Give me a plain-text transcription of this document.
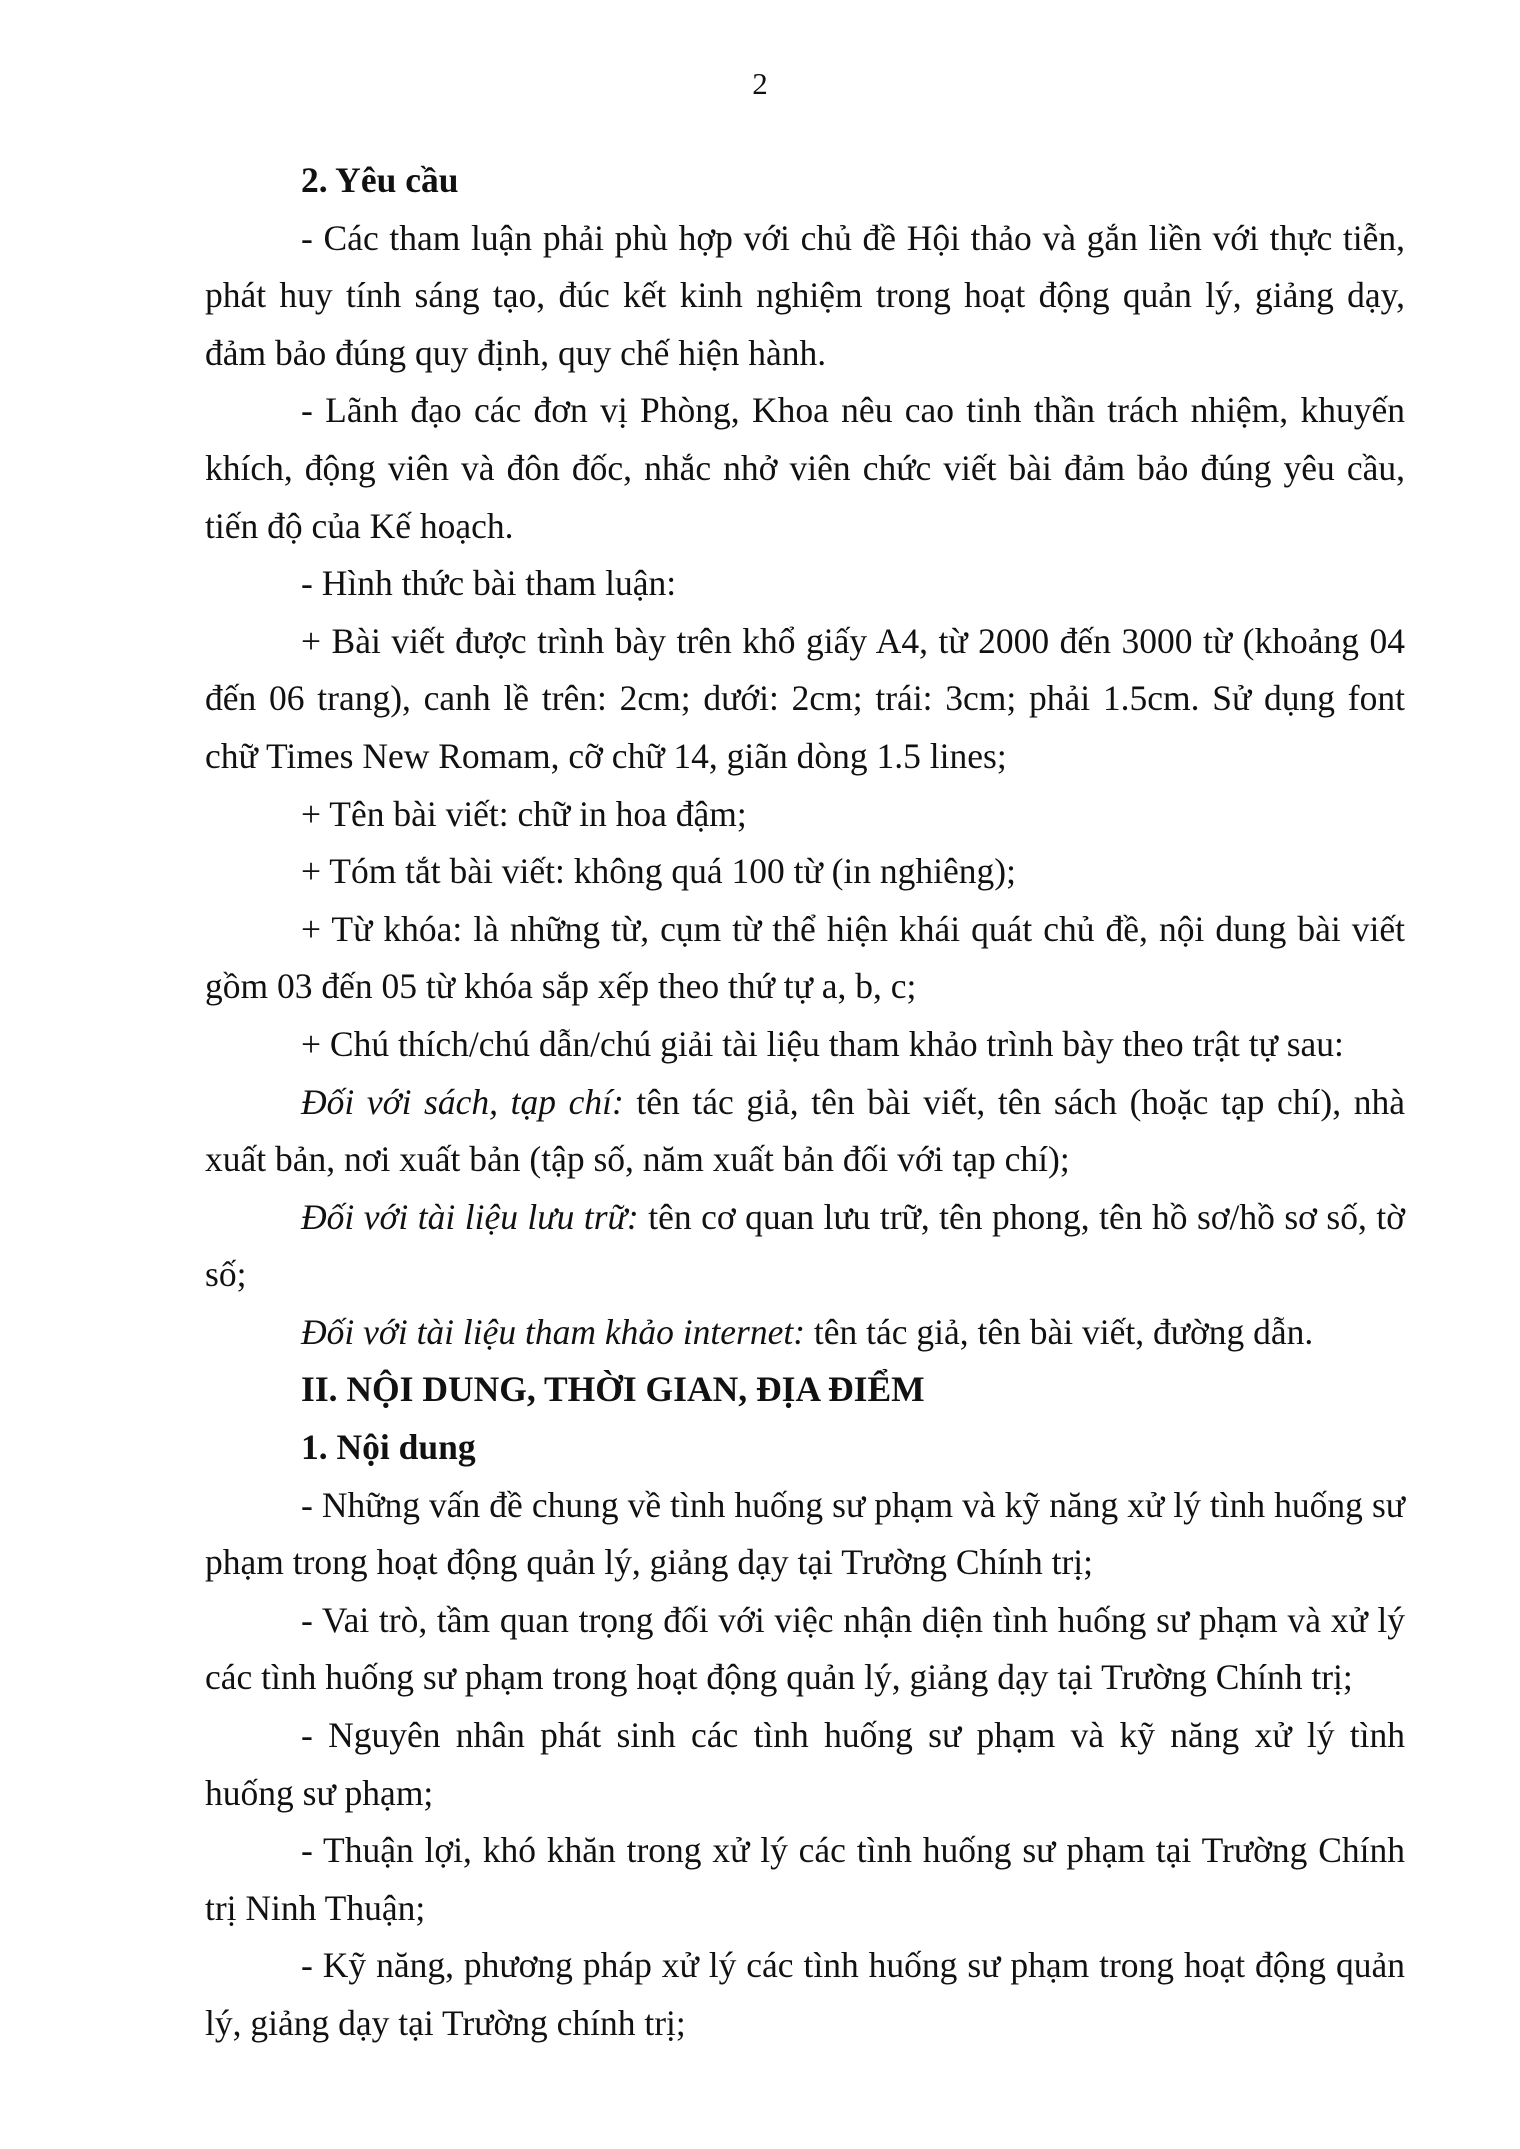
2

2. Yêu cầu

- Các tham luận phải phù hợp với chủ đề Hội thảo và gắn liền với thực tiễn, phát huy tính sáng tạo, đúc kết kinh nghiệm trong hoạt động quản lý, giảng dạy, đảm bảo đúng quy định, quy chế hiện hành.

- Lãnh đạo các đơn vị Phòng, Khoa nêu cao tinh thần trách nhiệm, khuyến khích, động viên và đôn đốc, nhắc nhở viên chức viết bài đảm bảo đúng yêu cầu, tiến độ của Kế hoạch.

- Hình thức bài tham luận:

+ Bài viết được trình bày trên khổ giấy A4, từ 2000 đến 3000 từ (khoảng 04 đến 06 trang), canh lề trên: 2cm; dưới: 2cm; trái: 3cm; phải 1.5cm. Sử dụng font chữ Times New Romam, cỡ chữ 14, giãn dòng 1.5 lines;

+ Tên bài viết: chữ in hoa đậm;

+ Tóm tắt bài viết: không quá 100 từ (in nghiêng);

+ Từ khóa: là những từ, cụm từ thể hiện khái quát chủ đề, nội dung bài viết gồm 03 đến 05 từ khóa sắp xếp theo thứ tự a, b, c;

+ Chú thích/chú dẫn/chú giải tài liệu tham khảo trình bày theo trật tự sau:

Đối với sách, tạp chí: tên tác giả, tên bài viết, tên sách (hoặc tạp chí), nhà xuất bản, nơi xuất bản (tập số, năm xuất bản đối với tạp chí);

Đối với tài liệu lưu trữ: tên cơ quan lưu trữ, tên phong, tên hồ sơ/hồ sơ số, tờ số;

Đối với tài liệu tham khảo internet: tên tác giả, tên bài viết, đường dẫn.

II. NỘI DUNG, THỜI GIAN, ĐỊA ĐIỂM

1. Nội dung

- Những vấn đề chung về tình huống sư phạm và kỹ năng xử lý tình huống sư phạm trong hoạt động quản lý, giảng dạy tại Trường Chính trị;

- Vai trò, tầm quan trọng đối với việc nhận diện tình huống sư phạm và xử lý các tình huống sư phạm trong hoạt động quản lý, giảng dạy tại Trường Chính trị;

- Nguyên nhân phát sinh các tình huống sư phạm và kỹ năng xử lý tình huống sư phạm;

- Thuận lợi, khó khăn trong xử lý các tình huống sư phạm tại Trường Chính trị Ninh Thuận;

- Kỹ năng, phương pháp xử lý các tình huống sư phạm trong hoạt động quản lý, giảng dạy tại Trường chính trị;
